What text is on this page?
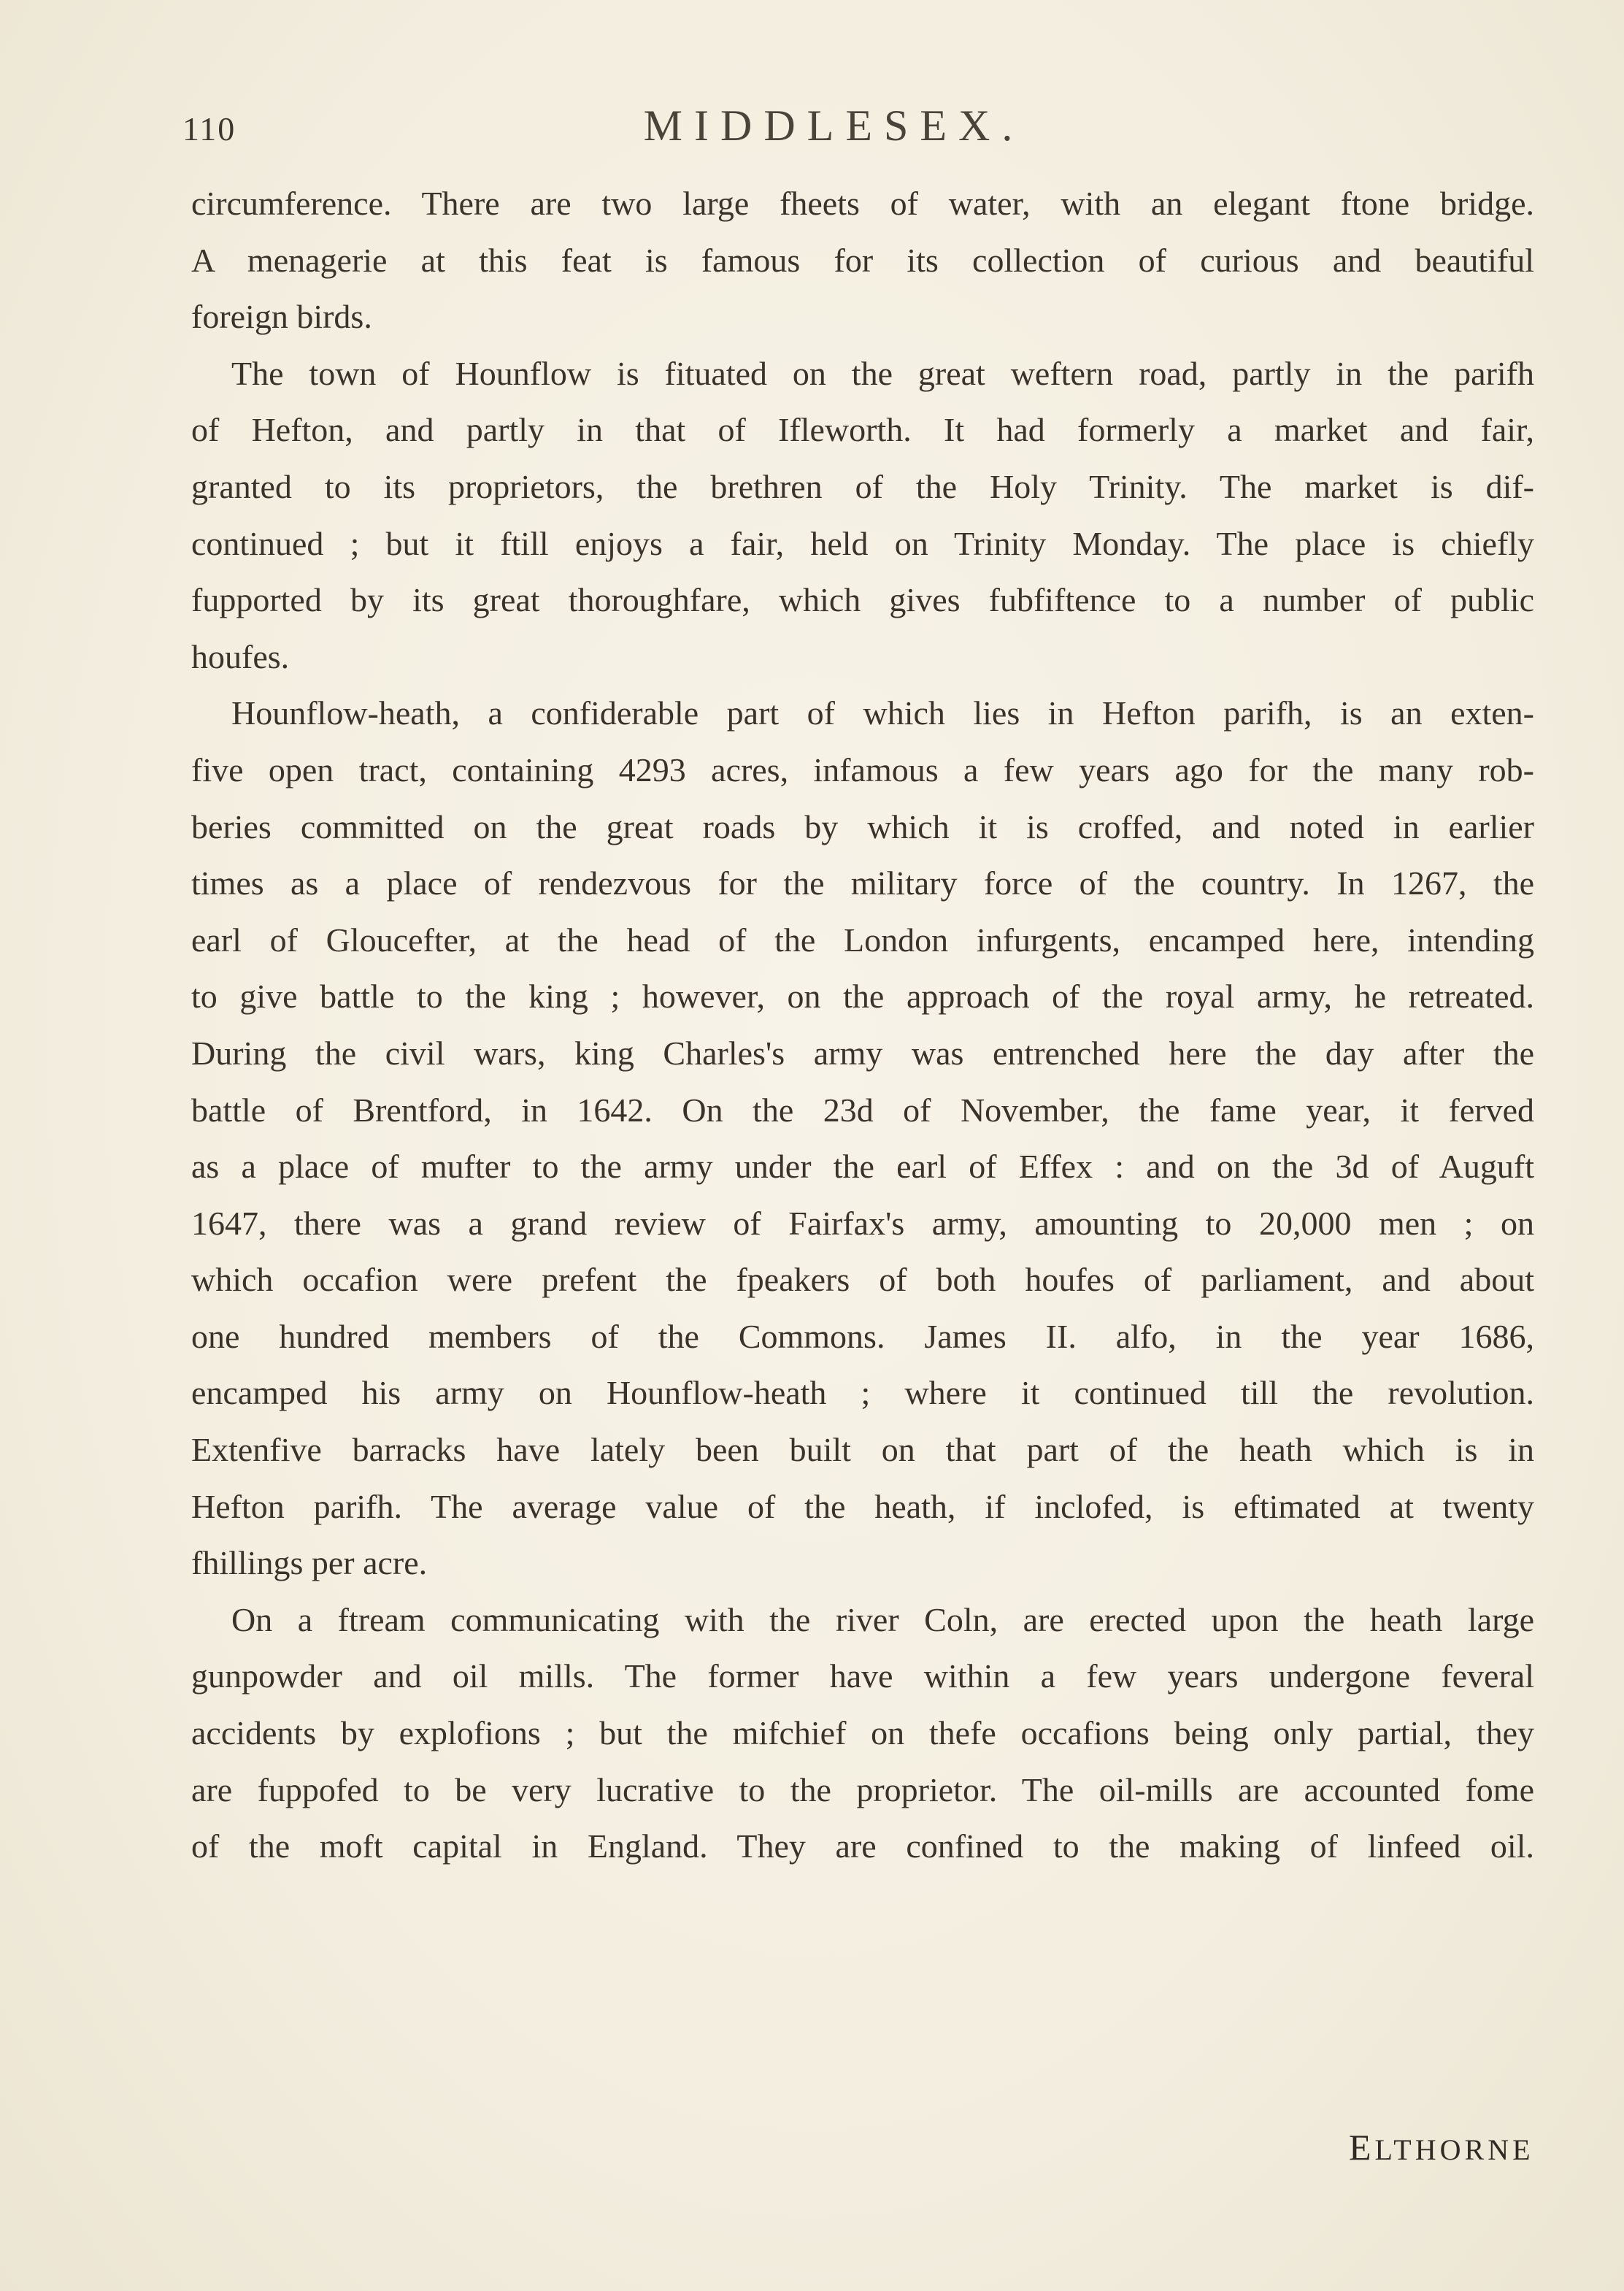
110	MIDDLESEX.
circumference. There are two large fheets of water, with an elegant ftone bridge.
A menagerie at this feat is famous for its collection of curious and beautiful
foreign birds.
The town of Hounflow is fituated on the great weftern road, partly in the parifh
of Hefton, and partly in that of Ifleworth. It had formerly a market and fair,
granted to its proprietors, the brethren of the Holy Trinity. The market is dif-
continued ; but it ftill enjoys a fair, held on Trinity Monday. The place is chiefly
fupported by its great thoroughfare, which gives fubfiftence to a number of public
houfes.
Hounflow-heath, a confiderable part of which lies in Hefton parifh, is an exten-
five open tract, containing 4293 acres, infamous a few years ago for the many rob-
beries committed on the great roads by which it is croffed, and noted in earlier
times as a place of rendezvous for the military force of the country. In 1267, the
earl of Gloucefter, at the head of the London infurgents, encamped here, intending
to give battle to the king ; however, on the approach of the royal army, he retreated.
During the civil wars, king Charles's army was entrenched here the day after the
battle of Brentford, in 1642. On the 23d of November, the fame year, it ferved
as a place of mufter to the army under the earl of Effex : and on the 3d of Auguft
1647, there was a grand review of Fairfax's army, amounting to 20,000 men ; on
which occafion were prefent the fpeakers of both houfes of parliament, and about
one hundred members of the Commons. James II. alfo, in the year 1686,
encamped his army on Hounflow-heath ; where it continued till the revolution.
Extenfive barracks have lately been built on that part of the heath which is in
Hefton parifh. The average value of the heath, if inclofed, is eftimated at twenty
fhillings per acre.
On a ftream communicating with the river Coln, are erected upon the heath large
gunpowder and oil mills. The former have within a few years undergone feveral
accidents by explofions ; but the mifchief on thefe occafions being only partial, they
are fuppofed to be very lucrative to the proprietor. The oil-mills are accounted fome
of the moft capital in England. They are confined to the making of linfeed oil.
ELTHORNE
